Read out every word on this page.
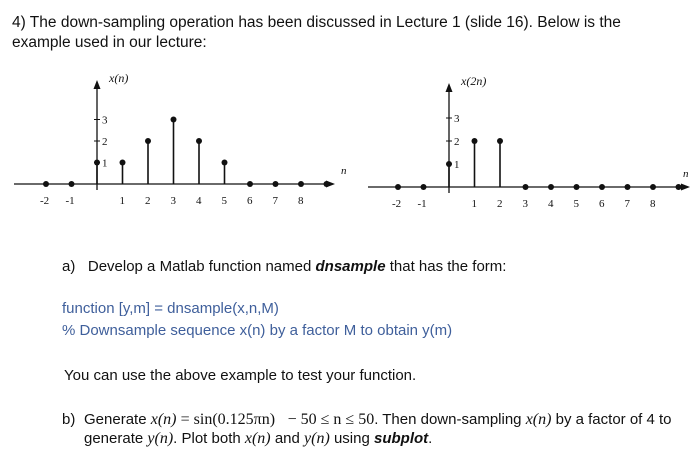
4) The down-sampling operation has been discussed in Lecture 1 (slide 16). Below is the example used in our lecture:
1
2
3
x(n)
n
-2 -1	1 2 3 4 5 6 7 8
1
2
3
x(2n)
n
-2 -1	1 2 3 4 5 6 7 8
a) Develop a Matlab function named dnsample that has the form:
function [y,m] = dnsample(x,n,M)
% Downsample sequence x(n) by a factor M to obtain y(m)
You can use the above example to test your function.
b) Generate x(n) = sin(0.125πn) − 50 ≤ n ≤ 50. Then down-sampling x(n) by a factor of 4 to generate y(n). Plot both x(n) and y(n) using subplot.
